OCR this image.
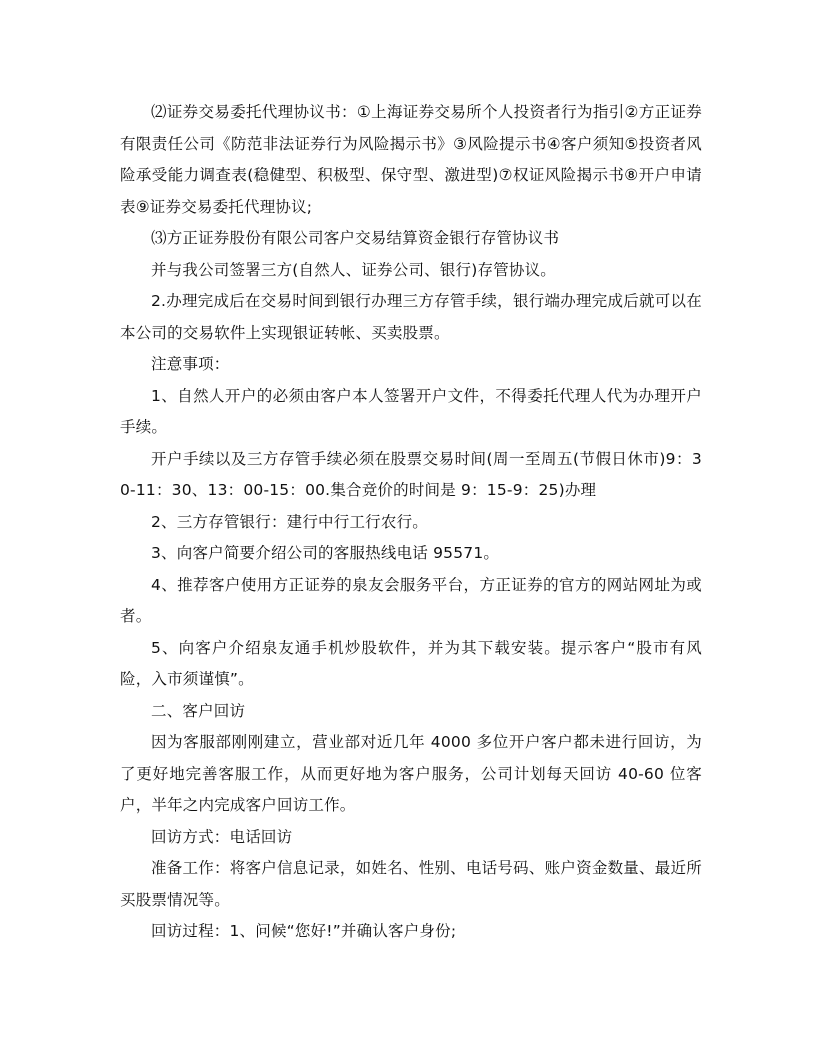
⑵证券交易委托代理协议书：①上海证券交易所个人投资者行为指引②方正证券有限责任公司《防范非法证券行为风险揭示书》③风险提示书④客户须知⑤投资者风险承受能力调查表(稳健型、积极型、保守型、激进型)⑦权证风险揭示书⑧开户申请表⑨证券交易委托代理协议;

⑶方正证券股份有限公司客户交易结算资金银行存管协议书

并与我公司签署三方(自然人、证券公司、银行)存管协议。

2.办理完成后在交易时间到银行办理三方存管手续，银行端办理完成后就可以在本公司的交易软件上实现银证转帐、买卖股票。

注意事项：

1、自然人开户的必须由客户本人签署开户文件，不得委托代理人代为办理开户手续。

开户手续以及三方存管手续必须在股票交易时间(周一至周五(节假日休市)9：30-11：30、13：00-15：00.集合竞价的时间是 9：15-9：25)办理

2、三方存管银行：建行中行工行农行。

3、向客户简要介绍公司的客服热线电话 95571。

4、推荐客户使用方正证券的泉友会服务平台，方正证券的官方的网站网址为或者。

5、向客户介绍泉友通手机炒股软件，并为其下载安装。提示客户“股市有风险，入市须谨慎”。

二、客户回访

因为客服部刚刚建立，营业部对近几年 4000 多位开户客户都未进行回访，为了更好地完善客服工作，从而更好地为客户服务，公司计划每天回访 40-60 位客户，半年之内完成客户回访工作。

回访方式：电话回访

准备工作：将客户信息记录，如姓名、性别、电话号码、账户资金数量、最近所买股票情况等。

回访过程：1、问候“您好!”并确认客户身份;
